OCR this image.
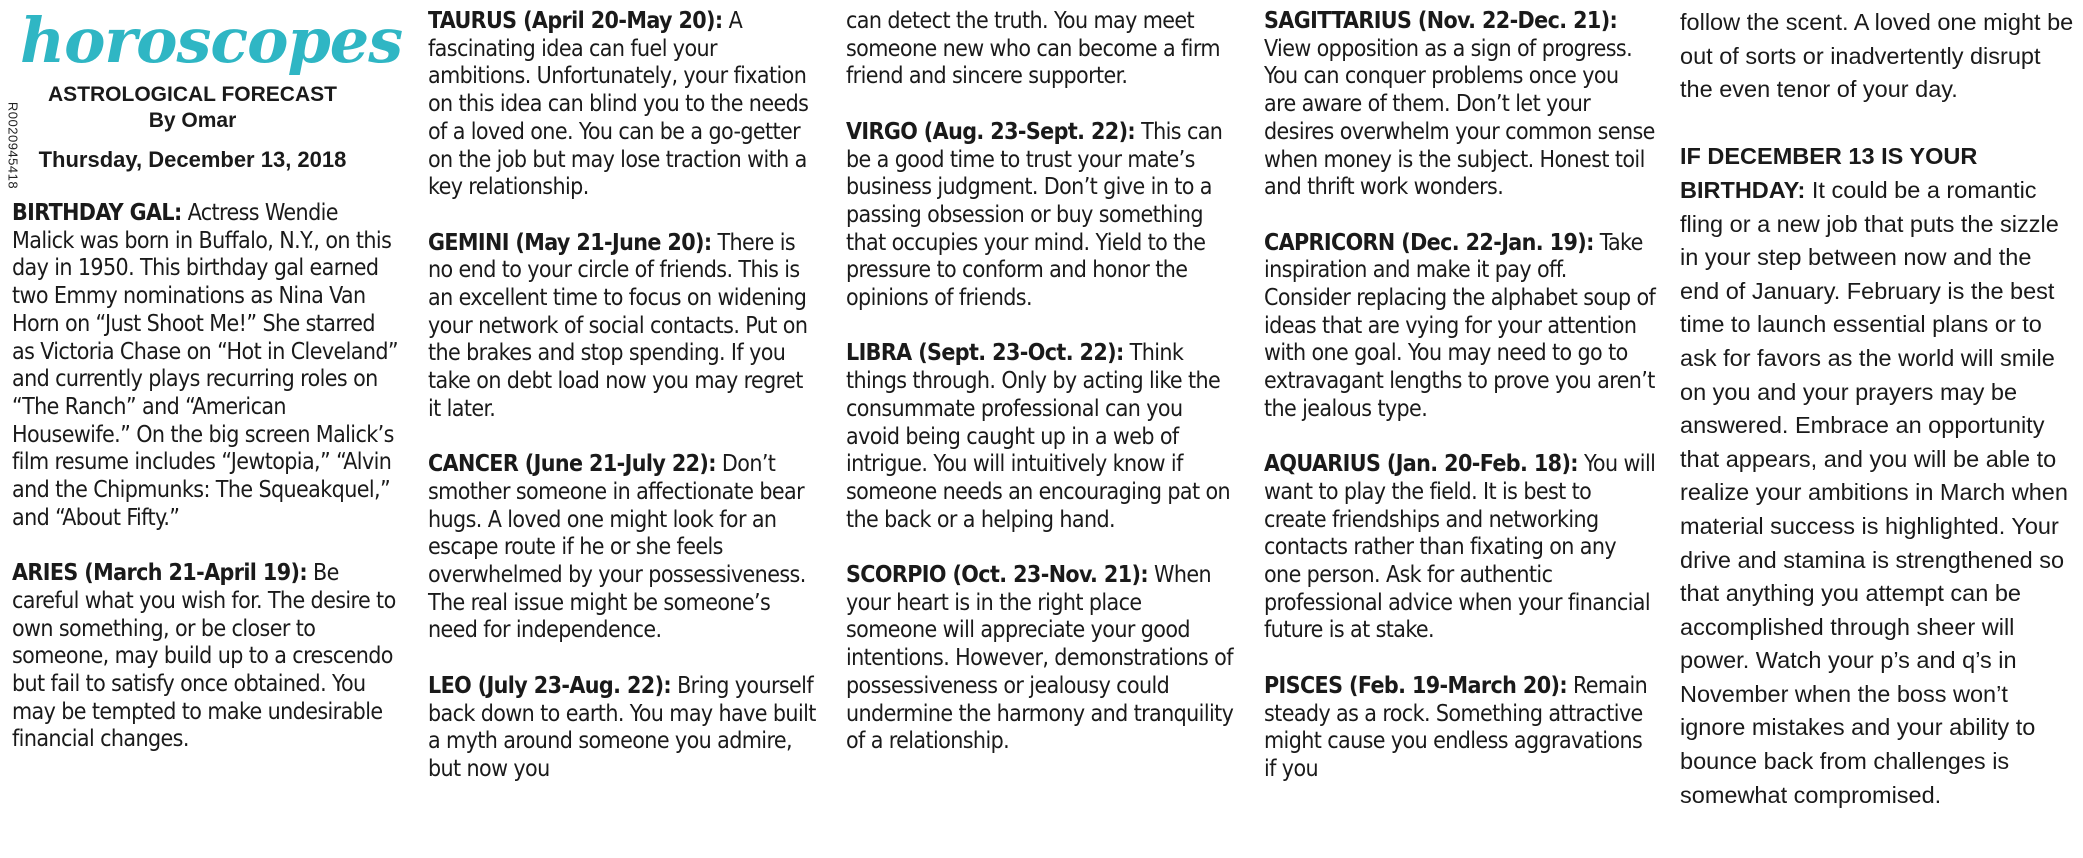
R002094541​8
horoscopes
ASTROLOGICAL FORECAST
By Omar
Thursday, December 13, 2018

BIRTHDAY GAL: Actress Wendie Malick was born in Buffalo, N.Y., on this day in 1950. This birthday gal earned two Emmy nominations as Nina Van Horn on “Just Shoot Me!” She starred as Victoria Chase on “Hot in Cleveland” and currently plays recurring roles on “The Ranch” and “American Housewife.” On the big screen Malick’s film resume includes “Jewtopia,” “Alvin and the Chipmunks: The Squeakquel,” and “About Fifty.”

ARIES (March 21-April 19): Be careful what you wish for. The desire to own something, or be closer to someone, may build up to a crescendo but fail to satisfy once obtained. You may be tempted to make undesirable financial changes.

TAURUS (April 20-May 20): A fascinating idea can fuel your ambitions. Unfortunately, your fixation on this idea can blind you to the needs of a loved one. You can be a go-getter on the job but may lose traction with a key relationship.

GEMINI (May 21-June 20): There is no end to your circle of friends. This is an excellent time to focus on widening your network of social contacts. Put on the brakes and stop spending. If you take on debt load now you may regret it later.

CANCER (June 21-July 22): Don’t smother someone in affectionate bear hugs. A loved one might look for an escape route if he or she feels overwhelmed by your possessiveness. The real issue might be someone’s need for independence.

LEO (July 23-Aug. 22): Bring yourself back down to earth. You may have built a myth around someone you admire, but now you

can detect the truth. You may meet someone new who can become a firm friend and sincere supporter.

VIRGO (Aug. 23-Sept. 22): This can be a good time to trust your mate’s business judgment. Don’t give in to a passing obsession or buy something that occupies your mind. Yield to the pressure to conform and honor the opinions of friends.

LIBRA (Sept. 23-Oct. 22): Think things through. Only by acting like the consummate professional can you avoid being caught up in a web of intrigue. You will intuitively know if someone needs an encouraging pat on the back or a helping hand.

SCORPIO (Oct. 23-Nov. 21): When your heart is in the right place someone will appreciate your good intentions. However, demonstrations of possessiveness or jealousy could undermine the harmony and tranquility of a relationship.

SAGITTARIUS (Nov. 22-Dec. 21): View opposition as a sign of progress. You can conquer problems once you are aware of them. Don’t let your desires overwhelm your common sense when money is the subject. Honest toil and thrift work wonders.

CAPRICORN (Dec. 22-Jan. 19): Take inspiration and make it pay off. Consider replacing the alphabet soup of ideas that are vying for your attention with one goal. You may need to go to extravagant lengths to prove you aren’t the jealous type.

AQUARIUS (Jan. 20-Feb. 18): You will want to play the field. It is best to create friendships and networking contacts rather than fixating on any one person. Ask for authentic professional advice when your financial future is at stake.

PISCES (Feb. 19-March 20): Remain steady as a rock. Something attractive might cause you endless aggravations if you

follow the scent. A loved one might be out of sorts or inadvertently disrupt the even tenor of your day.

IF DECEMBER 13 IS YOUR BIRTHDAY: It could be a romantic fling or a new job that puts the sizzle in your step between now and the end of January. February is the best time to launch essential plans or to ask for favors as the world will smile on you and your prayers may be answered. Embrace an opportunity that appears, and you will be able to realize your ambitions in March when material success is highlighted. Your drive and stamina is strengthened so that anything you attempt can be accomplished through sheer will power. Watch your p’s and q’s in November when the boss won’t ignore mistakes and your ability to bounce back from challenges is somewhat compromised.
